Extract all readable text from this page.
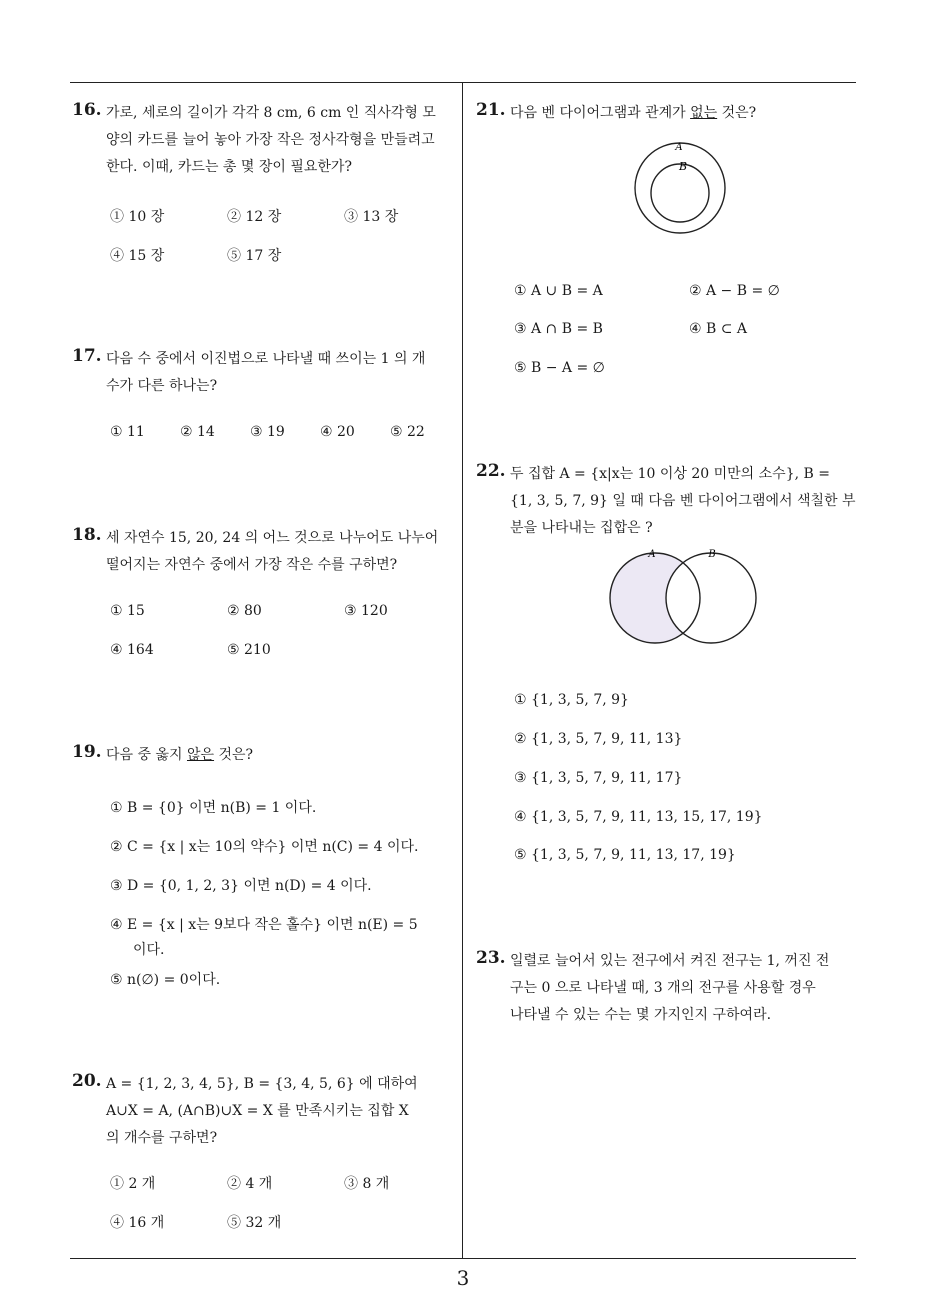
16. 가로, 세로의 길이가 각각 8 cm, 6 cm 인 직사각형 모

양의 카드를 늘어 놓아 가장 작은 정사각형을 만들려고

한다. 이때, 카드는 총 몇 장이 필요한가?

① 10 장	② 12 장	③ 13 장
④ 15 장	⑤ 17 장
17. 다음 수 중에서 이진법으로 나타낼 때 쓰이는 1 의 개

수가 다른 하나는?

① 11	② 14	③ 19	④ 20	⑤ 22
18. 세 자연수 15, 20, 24 의 어느 것으로 나누어도 나누어

떨어지는 자연수 중에서 가장 작은 수를 구하면?

① 15	② 80	③ 120
④ 164	⑤ 210
19. 다음 중 옳지 않은 것은?

① B = {0} 이면 n(B) = 1 이다.
② C = {x | x는 10의 약수} 이면 n(C) = 4 이다.
③ D = {0, 1, 2, 3} 이면 n(D) = 4 이다.
④ E = {x | x는 9보다 작은 홀수} 이면 n(E) = 5
이다.
⑤ n(∅) = 0이다.
20. A = {1, 2, 3, 4, 5}, B = {3, 4, 5, 6} 에 대하여

A∪X = A, (A∩B)∪X = X 를 만족시키는 집합 X

의 개수를 구하면?

① 2 개	② 4 개	③ 8 개
④ 16 개	⑤ 32 개
21. 다음 벤 다이어그램과 관계가 없는 것은?

A
B
① A ∪ B = A	② A − B = ∅
③ A ∩ B = B	④ B ⊂ A
⑤ B − A = ∅
22. 두 집합 A = {x|x는 10 이상 20 미만의 소수}, B =

{1, 3, 5, 7, 9} 일 때 다음 벤 다이어그램에서 색칠한 부

분을 나타내는 집합은 ?

A	B
① {1, 3, 5, 7, 9}
② {1, 3, 5, 7, 9, 11, 13}
③ {1, 3, 5, 7, 9, 11, 17}
④ {1, 3, 5, 7, 9, 11, 13, 15, 17, 19}
⑤ {1, 3, 5, 7, 9, 11, 13, 17, 19}
23. 일렬로 늘어서 있는 전구에서 켜진 전구는 1, 꺼진 전

구는 0 으로 나타낼 때, 3 개의 전구를 사용할 경우

나타낼 수 있는 수는 몇 가지인지 구하여라.

3
